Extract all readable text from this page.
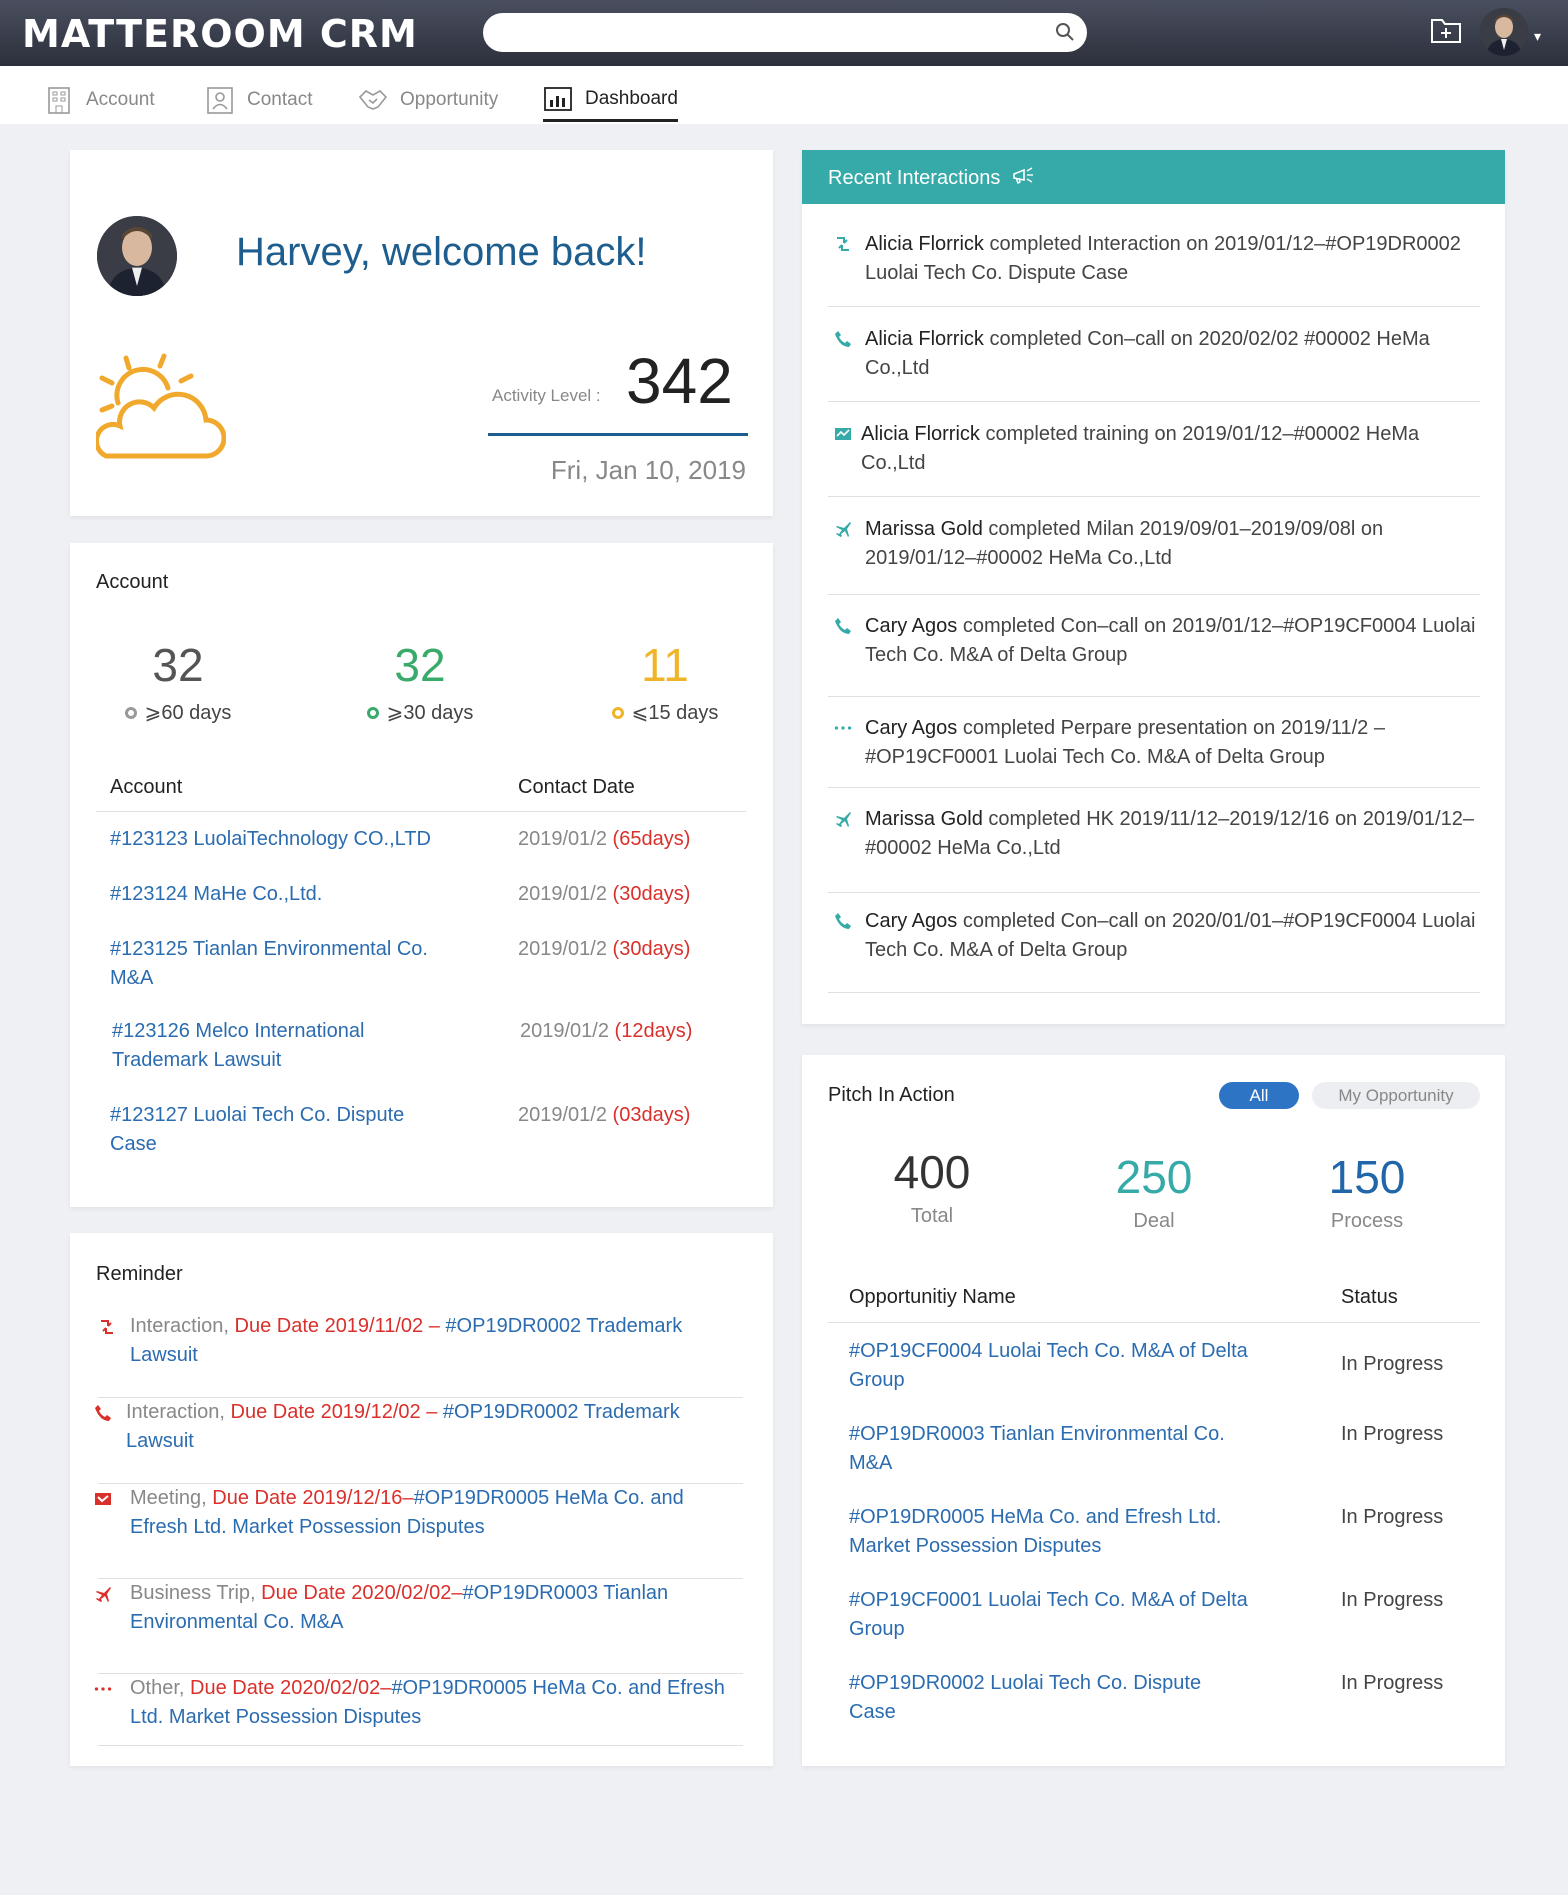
MATTEROOM CRM	▾
Account	Contact	Opportunity	Dashboard
Harvey, welcome back!
Activity Level : 342
Fri, Jan 10, 2019
Account
32
⩾60 days
32
⩾30 days
11
⩽15 days
Account	Contact Date
#123123 LuolaiTechnology CO.,LTD	2019/01/2 (65days)
#123124 MaHe Co.,Ltd.	2019/01/2 (30days)
#123125 Tianlan Environmental Co. M&A
2019/01/2 (30days)
#123126 Melco International Trademark Lawsuit
2019/01/2 (12days)
#123127 Luolai Tech Co. Dispute Case
2019/01/2 (03days)
Reminder
Interaction, Due Date 2019/11/02 – #OP19DR0002 Trademark Lawsuit
Interaction, Due Date 2019/12/02 – #OP19DR0002 Trademark Lawsuit
Meeting, Due Date 2019/12/16–#OP19DR0005 HeMa Co. and Efresh Ltd. Market Possession Disputes
Business Trip, Due Date 2020/02/02–#OP19DR0003 Tianlan Environmental Co. M&A
Other, Due Date 2020/02/02–#OP19DR0005 HeMa Co. and Efresh Ltd. Market Possession Disputes
Recent Interactions
Alicia Florrick completed Interaction on 2019/01/12–#OP19DR0002 Luolai Tech Co. Dispute Case
Alicia Florrick completed Con–call on 2020/02/02 #00002 HeMa Co.,Ltd
Alicia Florrick completed training on 2019/01/12–#00002 HeMa Co.,Ltd
Marissa Gold completed Milan 2019/09/01–2019/09/08l on 2019/01/12–#00002 HeMa Co.,Ltd
Cary Agos completed Con–call on 2019/01/12–#OP19CF0004 Luolai Tech Co. M&A of Delta Group
Cary Agos completed Perpare presentation on 2019/11/2 –#OP19CF0001 Luolai Tech Co. M&A of Delta Group
Marissa Gold completed HK 2019/11/12–2019/12/16 on 2019/01/12–#00002 HeMa Co.,Ltd
Cary Agos completed Con–call on 2020/01/01–#OP19CF0004 Luolai Tech Co. M&A of Delta Group
Pitch In Action	All	My Opportunity
400
Total
250
Deal
150
Process
Opportunitiy Name	Status
#OP19CF0004 Luolai Tech Co. M&A of Delta Group
In Progress
#OP19DR0003 Tianlan Environmental Co. M&A
In Progress
#OP19DR0005 HeMa Co. and Efresh Ltd. Market Possession Disputes
In Progress
#OP19CF0001 Luolai Tech Co. M&A of Delta Group
In Progress
#OP19DR0002 Luolai Tech Co. Dispute Case
In Progress
